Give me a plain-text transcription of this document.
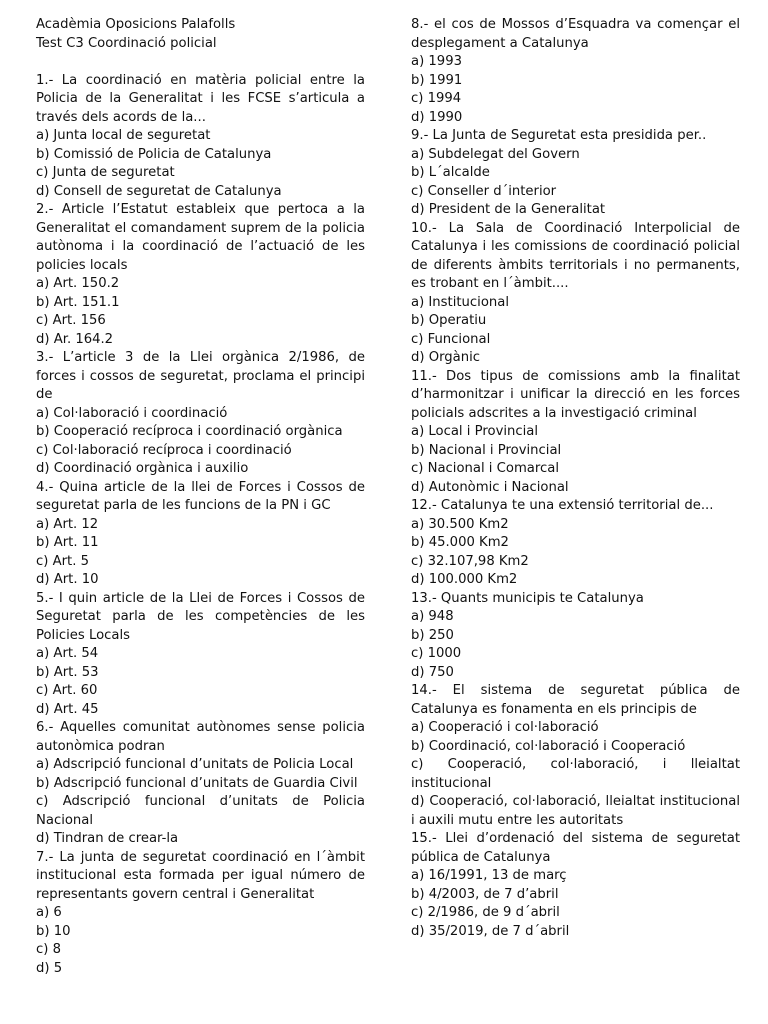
Acadèmia Oposicions Palafolls
Test C3 Coordinació policial
1.- La coordinació en matèria policial entre la Policia de la Generalitat i les FCSE s’articula a través dels acords de la...
a) Junta local de seguretat
b) Comissió de Policia de Catalunya
c) Junta de seguretat
d) Consell de seguretat de Catalunya
2.- Article l’Estatut estableix que pertoca a la Generalitat el comandament suprem de la policia autònoma i la coordinació de l’actuació de les policies locals
a) Art. 150.2
b) Art. 151.1
c) Art. 156
d) Ar. 164.2
3.- L’article 3 de la Llei orgànica 2/1986, de forces i cossos de seguretat, proclama el principi de
a) Col·laboració i coordinació
b) Cooperació recíproca i coordinació orgànica
c) Col·laboració recíproca i coordinació
d) Coordinació orgànica i auxilio
4.- Quina article de la llei de Forces i Cossos de seguretat parla de les funcions de la PN i GC
a) Art. 12
b) Art. 11
c) Art. 5
d) Art. 10
5.- I quin article de la Llei de Forces i Cossos de Seguretat parla de les competències de les Policies Locals
a) Art. 54
b) Art. 53
c) Art. 60
d) Art. 45
6.- Aquelles comunitat autònomes sense policia autonòmica podran
a) Adscripció funcional d’unitats de Policia Local
b) Adscripció funcional d’unitats de Guardia Civil
c) Adscripció funcional d’unitats de Policia Nacional
d) Tindran de crear-la
7.- La junta de seguretat coordinació en l´àmbit institucional esta formada per igual número de representants govern central i Generalitat
a) 6
b) 10
c) 8
d) 5
8.- el cos de Mossos d’Esquadra va començar el desplegament a Catalunya
a) 1993
b) 1991
c) 1994
d) 1990
9.- La Junta de Seguretat esta presidida per..
a) Subdelegat del Govern
b) L´alcalde
c) Conseller d´interior
d) President de la Generalitat
10.- La Sala de Coordinació Interpolicial de Catalunya i les comissions de coordinació policial de diferents àmbits territorials i no permanents, es trobant en l´àmbit....
a) Institucional
b) Operatiu
c) Funcional
d) Orgànic
11.- Dos tipus de comissions amb la finalitat d’harmonitzar i unificar la direcció en les forces policials adscrites a la investigació criminal
a) Local i Provincial
b) Nacional i Provincial
c) Nacional i Comarcal
d) Autonòmic i Nacional
12.- Catalunya te una extensió territorial de...
a) 30.500 Km2
b) 45.000 Km2
c) 32.107,98 Km2
d) 100.000 Km2
13.- Quants municipis te Catalunya
a) 948
b) 250
c) 1000
d) 750
14.- El sistema de seguretat pública de Catalunya es fonamenta en els principis de
a) Cooperació i col·laboració
b) Coordinació, col·laboració i Cooperació
c) Cooperació, col·laboració, i lleialtat institucional
d) Cooperació, col·laboració, lleialtat institucional i auxili mutu entre les autoritats
15.- Llei d’ordenació del sistema de seguretat pública de Catalunya
a) 16/1991, 13 de març
b) 4/2003, de 7 d’abril
c) 2/1986, de 9 d´abril
d) 35/2019, de 7 d´abril
